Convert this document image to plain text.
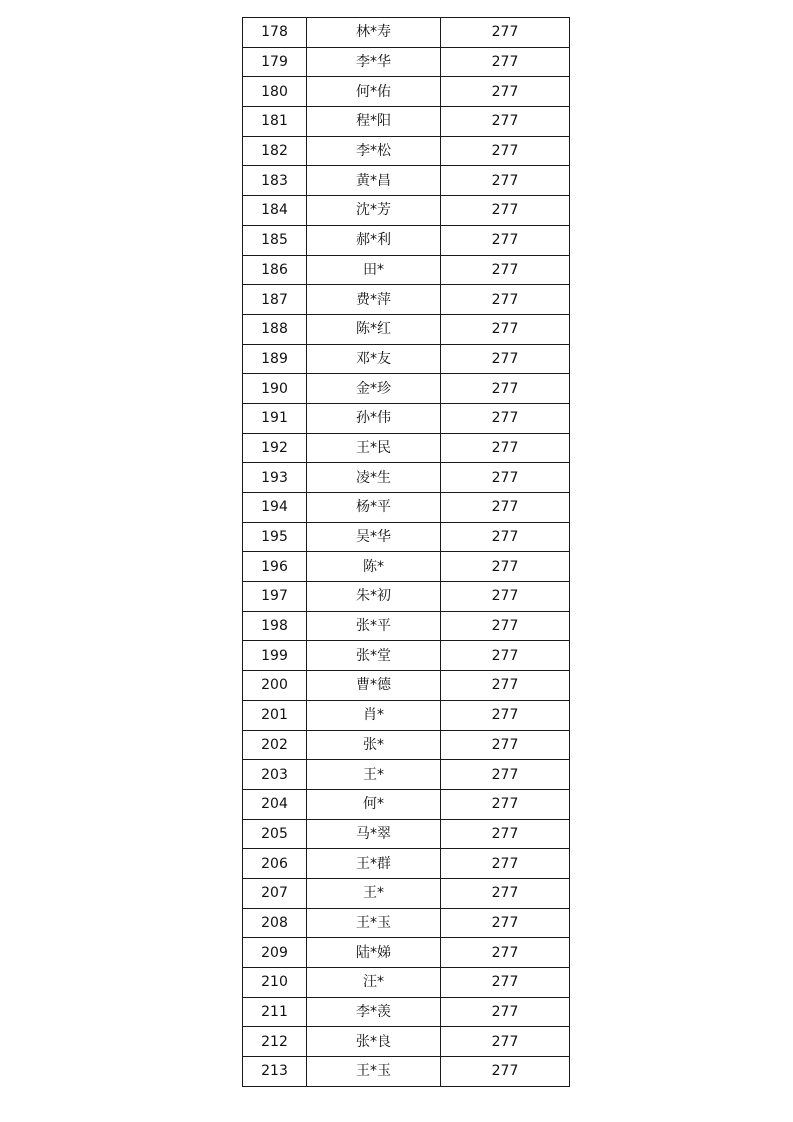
178	林*寿	277
179	李*华	277
180	何*佑	277
181	程*阳	277
182	李*松	277
183	黄*昌	277
184	沈*芳	277
185	郝*利	277
186	田*	277
187	费*萍	277
188	陈*红	277
189	邓*友	277
190	金*珍	277
191	孙*伟	277
192	王*民	277
193	凌*生	277
194	杨*平	277
195	吴*华	277
196	陈*	277
197	朱*初	277
198	张*平	277
199	张*堂	277
200	曹*德	277
201	肖*	277
202	张*	277
203	王*	277
204	何*	277
205	马*翠	277
206	王*群	277
207	王*	277
208	王*玉	277
209	陆*娣	277
210	汪*	277
211	李*羡	277
212	张*良	277
213	王*玉	277
